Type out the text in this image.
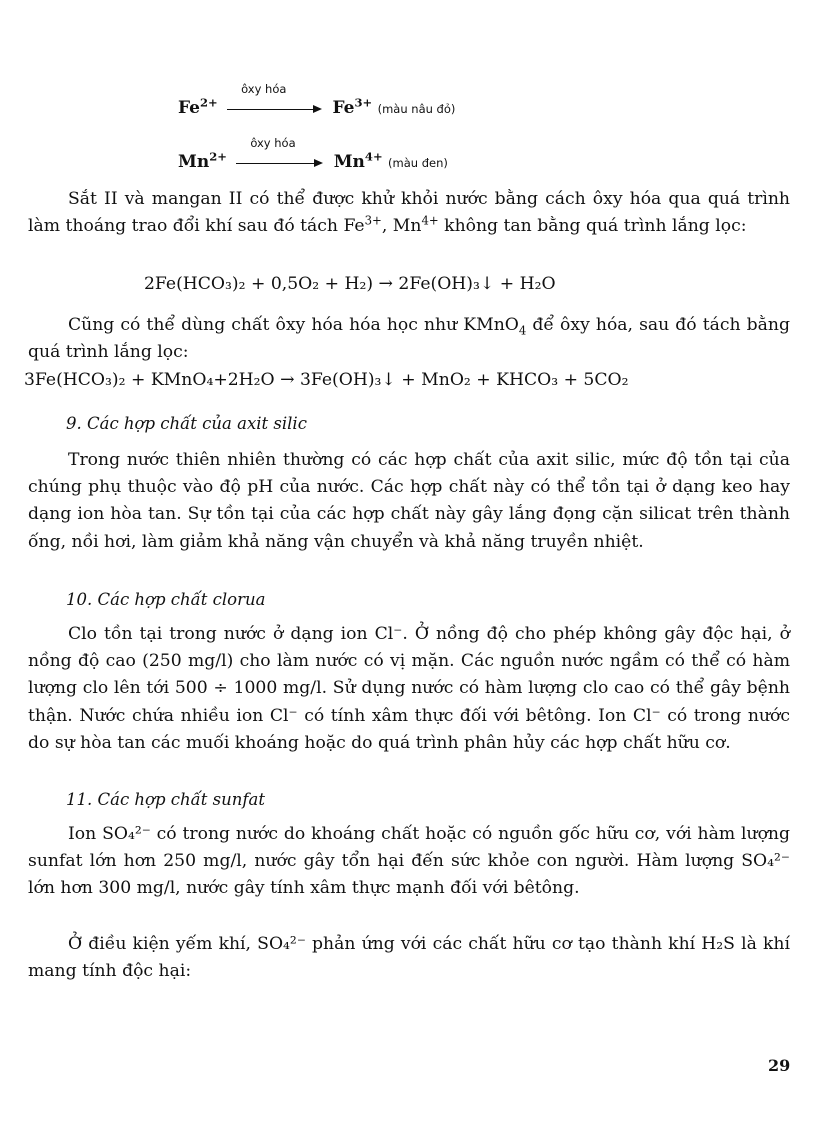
$Fe^{2+}$
ôxy hóa
$Fe^{3+}$ (màu nâu đỏ)
$Mn^{2+}$
ôxy hóa
$Mn^{4+}$ (màu đen)

Sắt II và mangan II có thể được khử khỏi nước bằng cách ôxy hóa qua quá trình làm thoáng trao đổi khí sau đó tách $Fe^{3+}$, $Mn^{4+}$ không tan bằng quá trình lắng lọc:

2Fe(HCO₃)₂ + 0,5O₂ + H₂) → 2Fe(OH)₃↓ + H₂O

Cũng có thể dùng chất ôxy hóa hóa học như KMnO$_4$ để ôxy hóa, sau đó tách bằng quá trình lắng lọc:

3Fe(HCO₃)₂ + KMnO₄+2H₂O → 3Fe(OH)₃↓ + MnO₂ + KHCO₃ + 5CO₂

9. Các hợp chất của axit silic

Trong nước thiên nhiên thường có các hợp chất của axit silic, mức độ tồn tại của chúng phụ thuộc vào độ pH của nước. Các hợp chất này có thể tồn tại ở dạng keo hay dạng ion hòa tan. Sự tồn tại của các hợp chất này gây lắng đọng cặn silicat trên thành ống, nồi hơi, làm giảm khả năng vận chuyển và khả năng truyền nhiệt.

10. Các hợp chất clorua

Clo tồn tại trong nước ở dạng ion Cl⁻. Ở nồng độ cho phép không gây độc hại, ở nồng độ cao (250 mg/l) cho làm nước có vị mặn. Các nguồn nước ngầm có thể có hàm lượng clo lên tới 500 ÷ 1000 mg/l. Sử dụng nước có hàm lượng clo cao có thể gây bệnh thận. Nước chứa nhiều ion Cl⁻ có tính xâm thực đối với bêtông. Ion Cl⁻ có trong nước do sự hòa tan các muối khoáng hoặc do quá trình phân hủy các hợp chất hữu cơ.

11. Các hợp chất sunfat

Ion SO₄²⁻ có trong nước do khoáng chất hoặc có nguồn gốc hữu cơ, với hàm lượng sunfat lớn hơn 250 mg/l, nước gây tổn hại đến sức khỏe con người. Hàm lượng SO₄²⁻ lớn hơn 300 mg/l, nước gây tính xâm thực mạnh đối với bêtông.

Ở điều kiện yếm khí, SO₄²⁻ phản ứng với các chất hữu cơ tạo thành khí H₂S là khí mang tính độc hại:

29
